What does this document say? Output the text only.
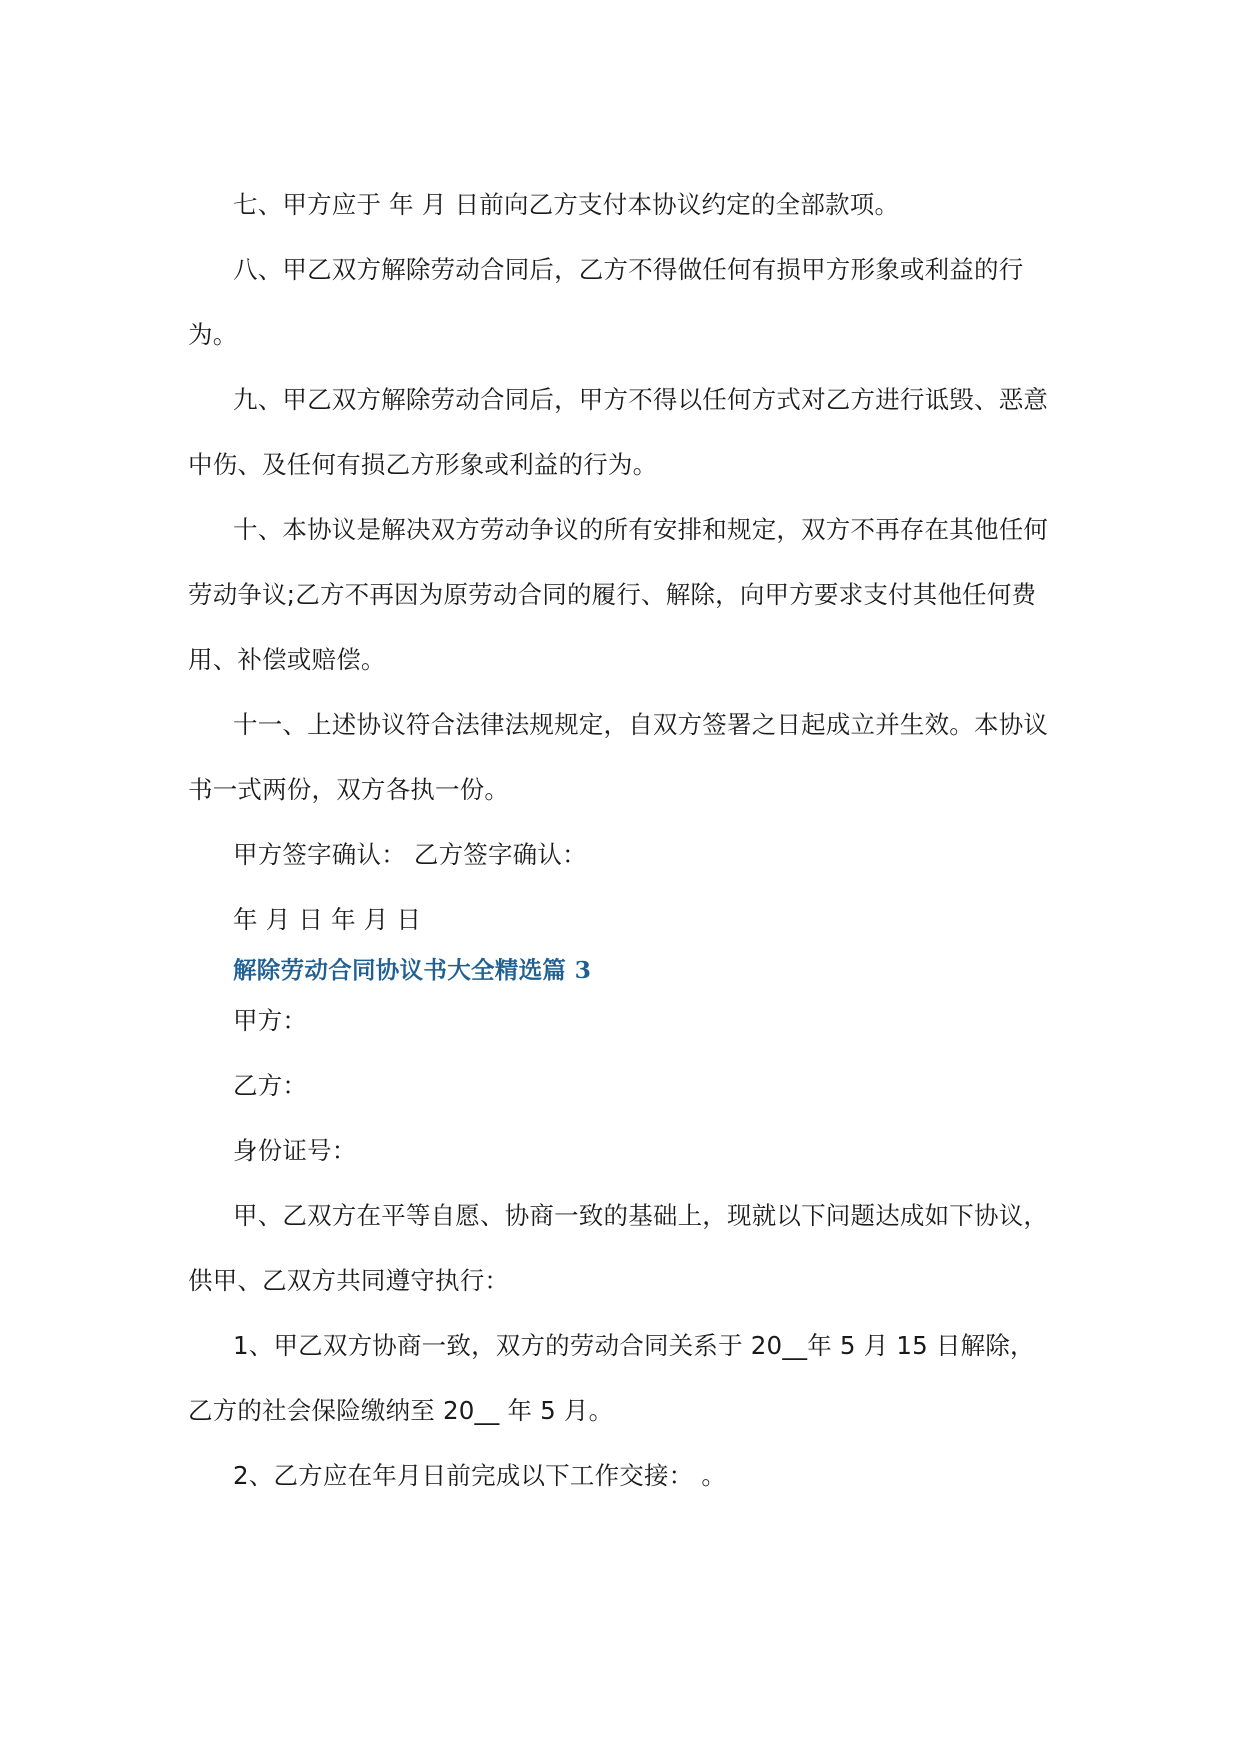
七、甲方应于 年 月 日前向乙方支付本协议约定的全部款项。

八、甲乙双方解除劳动合同后，乙方不得做任何有损甲方形象或利益的行为。

九、甲乙双方解除劳动合同后，甲方不得以任何方式对乙方进行诋毁、恶意中伤、及任何有损乙方形象或利益的行为。

十、本协议是解决双方劳动争议的所有安排和规定，双方不再存在其他任何劳动争议;乙方不再因为原劳动合同的履行、解除，向甲方要求支付其他任何费用、补偿或赔偿。

十一、上述协议符合法律法规规定，自双方签署之日起成立并生效。本协议书一式两份，双方各执一份。

甲方签字确认： 乙方签字确认：

年 月 日 年 月 日

解除劳动合同协议书大全精选篇 3

甲方：

乙方：

身份证号：

甲、乙双方在平等自愿、协商一致的基础上，现就以下问题达成如下协议，供甲、乙双方共同遵守执行：

1、甲乙双方协商一致，双方的劳动合同关系于 20__年 5 月 15 日解除，乙方的社会保险缴纳至 20__ 年 5 月。

2、乙方应在年月日前完成以下工作交接： 。
